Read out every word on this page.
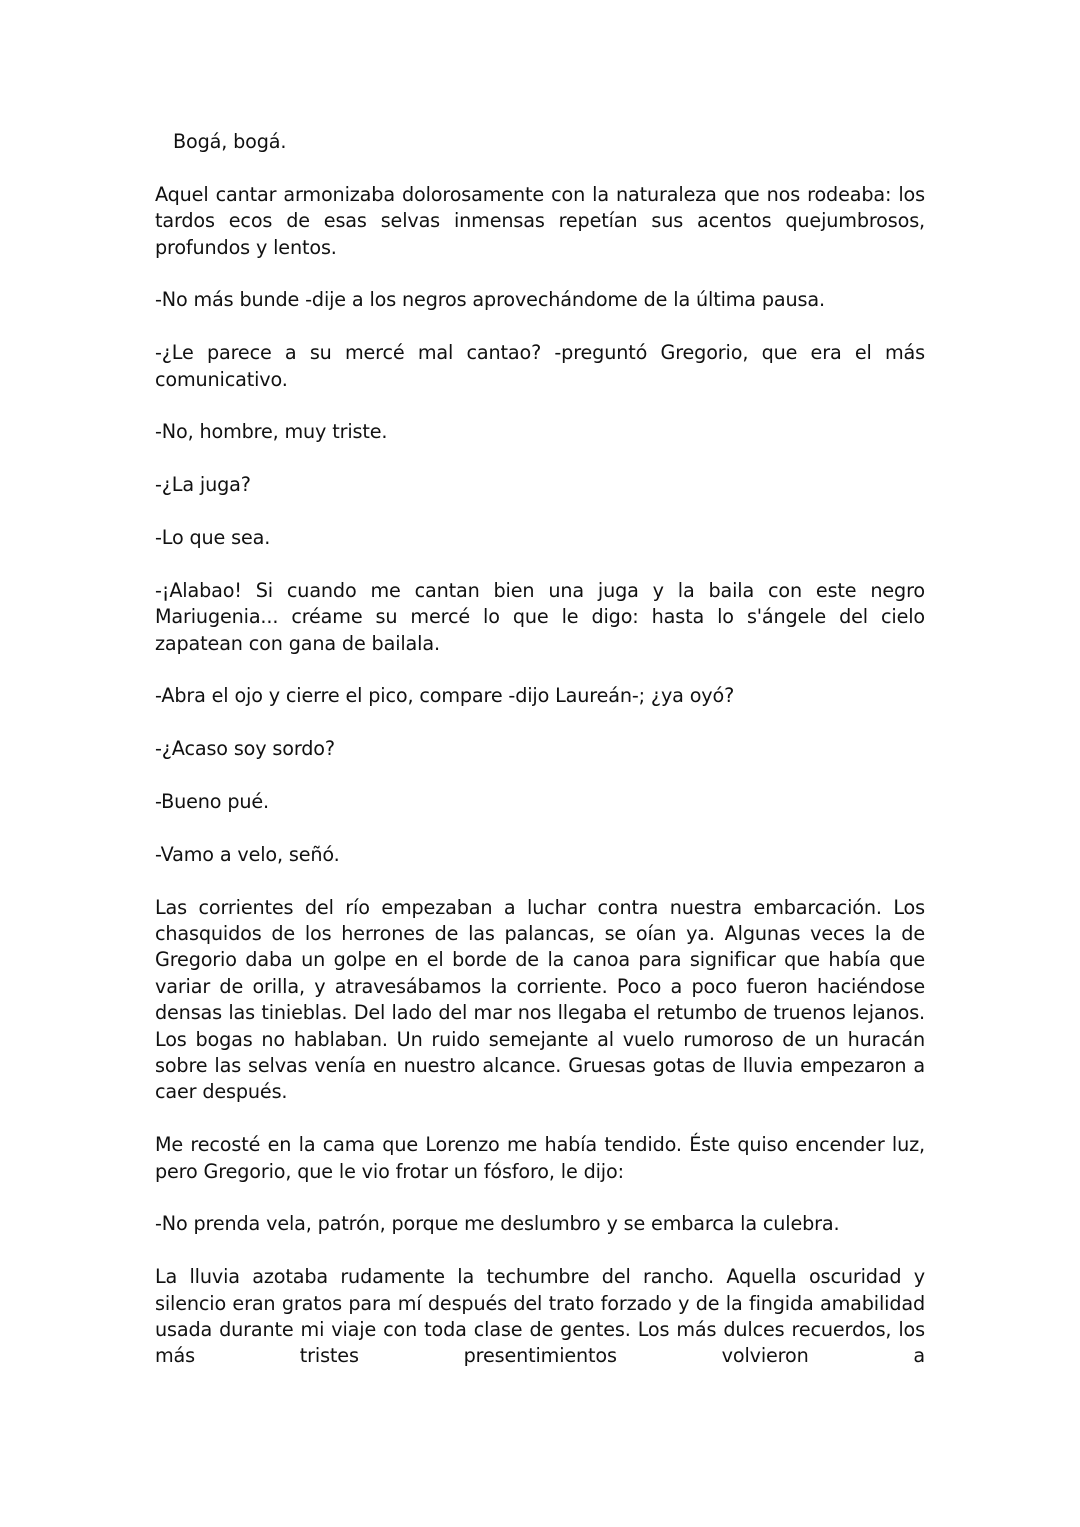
Bogá, bogá.

Aquel cantar armonizaba dolorosamente con la naturaleza que nos rodeaba: los tardos ecos de esas selvas inmensas repetían sus acentos quejumbrosos, profundos y lentos.

-No más bunde -dije a los negros aprovechándome de la última pausa.

-¿Le parece a su mercé mal cantao? -preguntó Gregorio, que era el más comunicativo.

-No, hombre, muy triste.

-¿La juga?

-Lo que sea.

-¡Alabao! Si cuando me cantan bien una juga y la baila con este negro Mariugenia... créame su mercé lo que le digo: hasta lo s'ángele del cielo zapatean con gana de bailala.

-Abra el ojo y cierre el pico, compare -dijo Laureán-; ¿ya oyó?

-¿Acaso soy sordo?

-Bueno pué.

-Vamo a velo, señó.

Las corrientes del río empezaban a luchar contra nuestra embarcación. Los chasquidos de los herrones de las palancas, se oían ya. Algunas veces la de Gregorio daba un golpe en el borde de la canoa para significar que había que variar de orilla, y atravesábamos la corriente. Poco a poco fueron haciéndose densas las tinieblas. Del lado del mar nos llegaba el retumbo de truenos lejanos. Los bogas no hablaban. Un ruido semejante al vuelo rumoroso de un huracán sobre las selvas venía en nuestro alcance. Gruesas gotas de lluvia empezaron a caer después.

Me recosté en la cama que Lorenzo me había tendido. Éste quiso encender luz, pero Gregorio, que le vio frotar un fósforo, le dijo:

-No prenda vela, patrón, porque me deslumbro y se embarca la culebra.

La lluvia azotaba rudamente la techumbre del rancho. Aquella oscuridad y silencio eran gratos para mí después del trato forzado y de la fingida amabilidad usada durante mi viaje con toda clase de gentes. Los más dulces recuerdos, los más tristes presentimientos volvieron a
